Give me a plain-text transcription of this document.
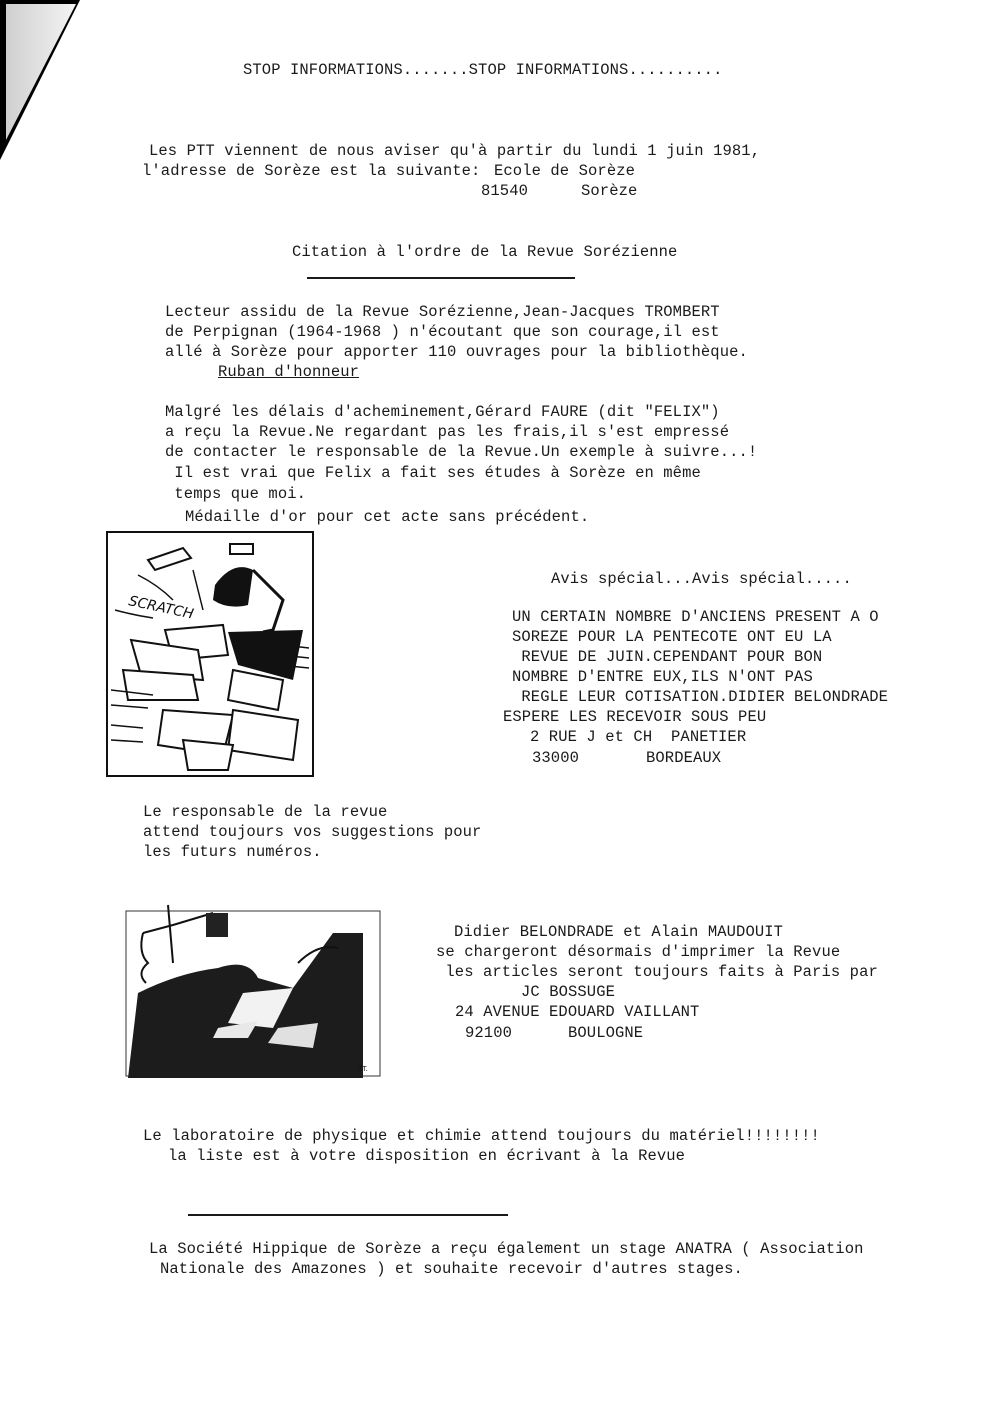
STOP INFORMATIONS.......STOP INFORMATIONS..........
Les PTT viennent de nous aviser qu'à partir du lundi 1 juin 1981,
l'adresse de Sorèze est la suivante: Ecole de Sorèze
81540	Sorèze
Citation à l'ordre de la Revue Sorézienne
Lecteur assidu de la Revue Sorézienne,Jean-Jacques TROMBERT
de Perpignan (1964-1968 ) n'écoutant que son courage,il est
allé à Sorèze pour apporter 110 ouvrages pour la bibliothèque.
Ruban d'honneur
Malgré les délais d'acheminement,Gérard FAURE (dit "FELIX")
a reçu la Revue.Ne regardant pas les frais,il s'est empressé
de contacter le responsable de la Revue.Un exemple à suivre...!
Il est vrai que Felix a fait ses études à Sorèze en même
temps que moi.
Médaille d'or pour cet acte sans précédent.
SCRATCH
Avis spécial...Avis spécial.....
UN CERTAIN NOMBRE D'ANCIENS PRESENT A O
SOREZE POUR LA PENTECOTE ONT EU LA
REVUE DE JUIN.CEPENDANT POUR BON
NOMBRE D'ENTRE EUX,ILS N'ONT PAS
REGLE LEUR COTISATION.DIDIER BELONDRADE
ESPERE LES RECEVOIR SOUS PEU
2 RUE J et CH  PANETIER
33000	BORDEAUX
Le responsable de la revue
attend toujours vos suggestions pour
les futurs numéros.
TT.
Didier BELONDRADE et Alain MAUDOUIT
se chargeront désormais d'imprimer la Revue
les articles seront toujours faits à Paris par
JC BOSSUGE
24 AVENUE EDOUARD VAILLANT
92100	BOULOGNE
Le laboratoire de physique et chimie attend toujours du matériel!!!!!!!!
la liste est à votre disposition en écrivant à la Revue
La Société Hippique de Sorèze a reçu également un stage ANATRA ( Association
Nationale des Amazones ) et souhaite recevoir d'autres stages.
